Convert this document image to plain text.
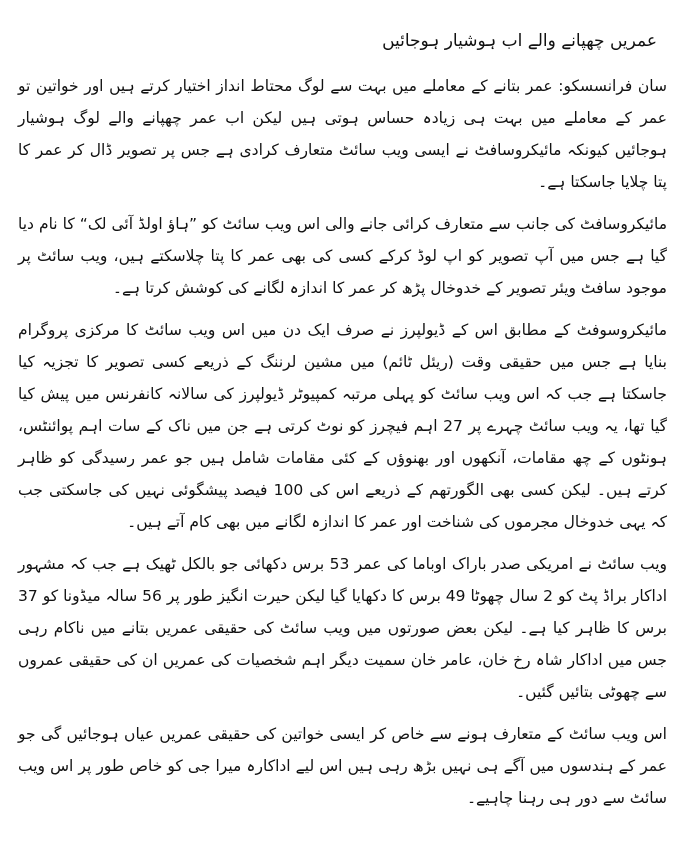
عمریں چھپانے والے اب ہوشیار ہوجائیں

سان فرانسسکو: عمر بتانے کے معاملے میں بہت سے لوگ محتاط انداز اختیار کرتے ہیں اور خواتین تو عمر کے معاملے میں بہت ہی زیادہ حساس ہوتی ہیں لیکن اب عمر چھپانے والے لوگ ہوشیار ہوجائیں کیونکہ مائیکروسافٹ نے ایسی ویب سائٹ متعارف کرادی ہے جس پر تصویر ڈال کر عمر کا پتا چلایا جاسکتا ہے۔

مائیکروسافٹ کی جانب سے متعارف کرائی جانے والی اس ویب سائٹ کو ”ہاؤ اولڈ آئی لک“ کا نام دیا گیا ہے جس میں آپ تصویر کو اپ لوڈ کرکے کسی کی بھی عمر کا پتا چلاسکتے ہیں، ویب سائٹ پر موجود سافٹ ویئر تصویر کے خدوخال پڑھ کر عمر کا اندازہ لگانے کی کوشش کرتا ہے۔

مائیکروسوفٹ کے مطابق اس کے ڈیولپرز نے صرف ایک دن میں اس ویب سائٹ کا مرکزی پروگرام بنایا ہے جس میں حقیقی وقت (ریئل ٹائم) میں مشین لرننگ کے ذریعے کسی تصویر کا تجزیہ کیا جاسکتا ہے جب کہ اس ویب سائٹ کو پہلی مرتبہ کمپیوٹر ڈیولپرز کی سالانہ کانفرنس میں پیش کیا گیا تھا، یہ ویب سائٹ چہرے پر 27 اہم فیچرز کو نوٹ کرتی ہے جن میں ناک کے سات اہم پوائنٹس، ہونٹوں کے چھ مقامات، آنکھوں اور بھنوؤں کے کئی مقامات شامل ہیں جو عمر رسیدگی کو ظاہر کرتے ہیں۔ لیکن کسی بھی الگورتھم کے ذریعے اس کی 100 فیصد پیشگوئی نہیں کی جاسکتی جب کہ یہی خدوخال مجرموں کی شناخت اور عمر کا اندازہ لگانے میں بھی کام آتے ہیں۔

ویب سائٹ نے امریکی صدر باراک اوباما کی عمر 53 برس دکھائی جو بالکل ٹھیک ہے جب کہ مشہور اداکار براڈ پٹ کو 2 سال چھوٹا 49 برس کا دکھایا گیا لیکن حیرت انگیز طور پر 56 سالہ میڈونا کو 37 برس کا ظاہر کیا ہے۔ لیکن بعض صورتوں میں ویب سائٹ کی حقیقی عمریں بتانے میں ناکام رہی جس میں اداکار شاہ رخ خان، عامر خان سمیت دیگر اہم شخصیات کی عمریں ان کی حقیقی عمروں سے چھوٹی بتائیں گئیں۔

اس ویب سائٹ کے متعارف ہونے سے خاص کر ایسی خواتین کی حقیقی عمریں عیاں ہوجائیں گی جو عمر کے ہندسوں میں آگے ہی نہیں بڑھ رہی ہیں اس لیے اداکارہ میرا جی کو خاص طور پر اس ویب سائٹ سے دور ہی رہنا چاہیے۔
